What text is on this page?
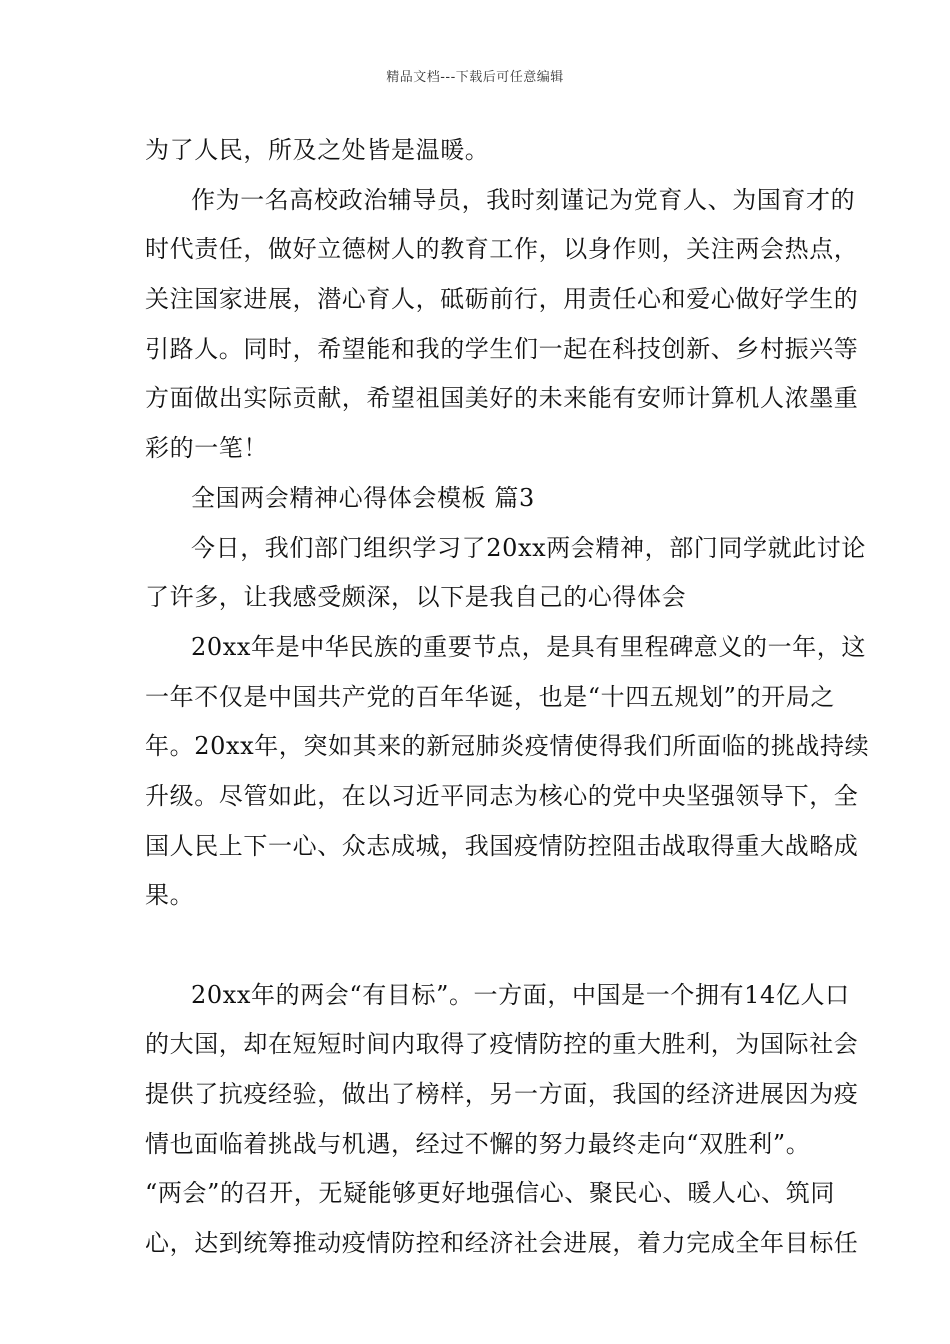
精品文档---下载后可任意编辑
为了人民，所及之处皆是温暖。
作为一名高校政治辅导员，我时刻谨记为党育人、为国育才的
时代责任，做好立德树人的教育工作，以身作则，关注两会热点，
关注国家进展，潜心育人，砥砺前行，用责任心和爱心做好学生的
引路人。同时，希望能和我的学生们一起在科技创新、乡村振兴等
方面做出实际贡献，希望祖国美好的未来能有安师计算机人浓墨重
彩的一笔！
全国两会精神心得体会模板 篇3
今日，我们部门组织学习了20xx两会精神，部门同学就此讨论
了许多，让我感受颇深，以下是我自己的心得体会
20xx年是中华民族的重要节点，是具有里程碑意义的一年，这
一年不仅是中国共产党的百年华诞，也是“十四五规划”的开局之
年。20xx年，突如其来的新冠肺炎疫情使得我们所面临的挑战持续
升级。尽管如此，在以习近平同志为核心的党中央坚强领导下，全
国人民上下一心、众志成城，我国疫情防控阻击战取得重大战略成
果。
20xx年的两会“有目标”。一方面，中国是一个拥有14亿人口
的大国，却在短短时间内取得了疫情防控的重大胜利，为国际社会
提供了抗疫经验，做出了榜样，另一方面，我国的经济进展因为疫
情也面临着挑战与机遇，经过不懈的努力最终走向“双胜利”。
“两会”的召开，无疑能够更好地强信心、聚民心、暖人心、筑同
心，达到统筹推动疫情防控和经济社会进展，着力完成全年目标任
